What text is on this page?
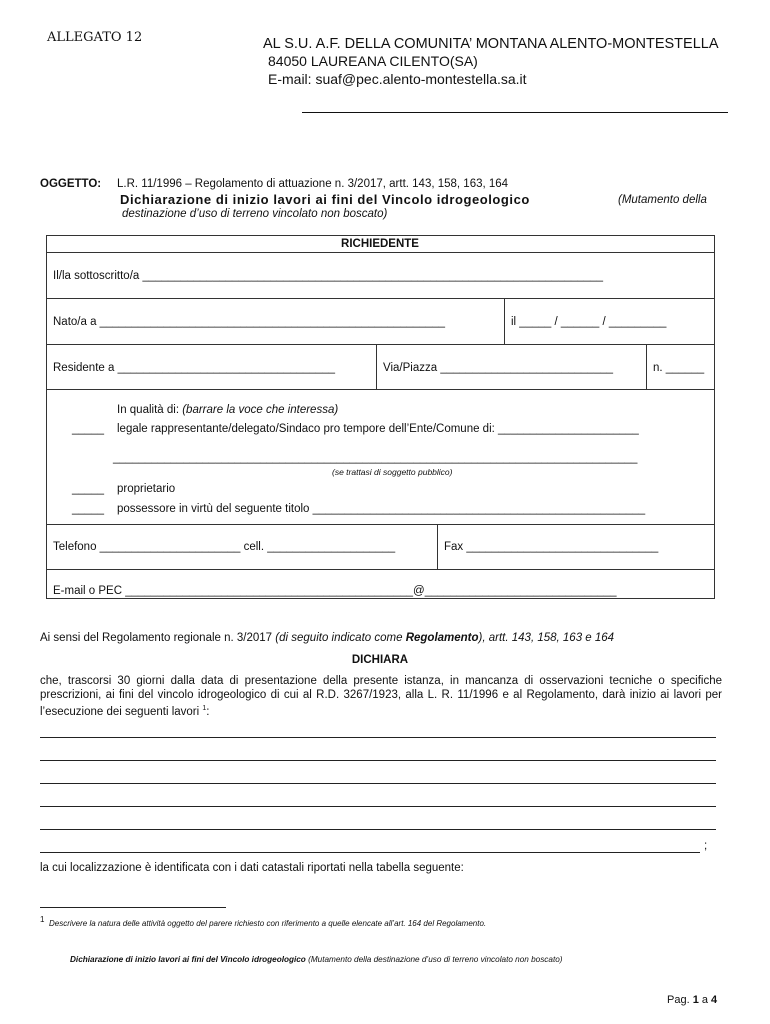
ALLEGATO 12	AL S.U. A.F. DELLA COMUNITA’ MONTANA ALENTO-MONTESTELLA
84050 LAUREANA CILENTO(SA)
E-mail: suaf@pec.alento-montestella.sa.it
OGGETTO: L.R. 11/1996 – Regolamento di attuazione n. 3/2017, artt. 143, 158, 163, 164
Dichiarazione di inizio lavori ai fini del Vincolo idrogeologico	(Mutamento della
destinazione d’uso di terreno vincolato non boscato)
RICHIEDENTE
Il/la sottoscritto/a ________________________________________________________________________
Nato/a a ______________________________________________________	il _____ / ______ / _________
Residente a __________________________________	Via/Piazza ___________________________	n. ______
In qualità di: (barrare la voce che interessa)
_____ legale rappresentante/delegato/Sindaco pro tempore dell’Ente/Comune di: ______________________
__________________________________________________________________________________
(se trattasi di soggetto pubblico)
_____ proprietario
_____ possessore in virtù del seguente titolo ____________________________________________________
Telefono ______________________ cell. ____________________	Fax ______________________________
E-mail o PEC _____________________________________________@______________________________
Ai sensi del Regolamento regionale n. 3/2017 (di seguito indicato come Regolamento), artt. 143, 158, 163 e 164
DICHIARA
che, trascorsi 30 giorni dalla data di presentazione della presente istanza, in mancanza di osservazioni tecniche o specifiche prescrizioni, ai fini del vincolo idrogeologico di cui al R.D. 3267/1923, alla L. R. 11/1996 e al Regolamento, darà inizio ai lavori per l’esecuzione dei seguenti lavori $^1$:
;
la cui localizzazione è identificata con i dati catastali riportati nella tabella seguente:
1 Descrivere la natura delle attività oggetto del parere richiesto con riferimento a quelle elencate all’art. 164 del Regolamento.
Dichiarazione di inizio lavori ai fini del Vincolo idrogeologico (Mutamento della destinazione d’uso di terreno vincolato non boscato)
Pag. 1 a 4
